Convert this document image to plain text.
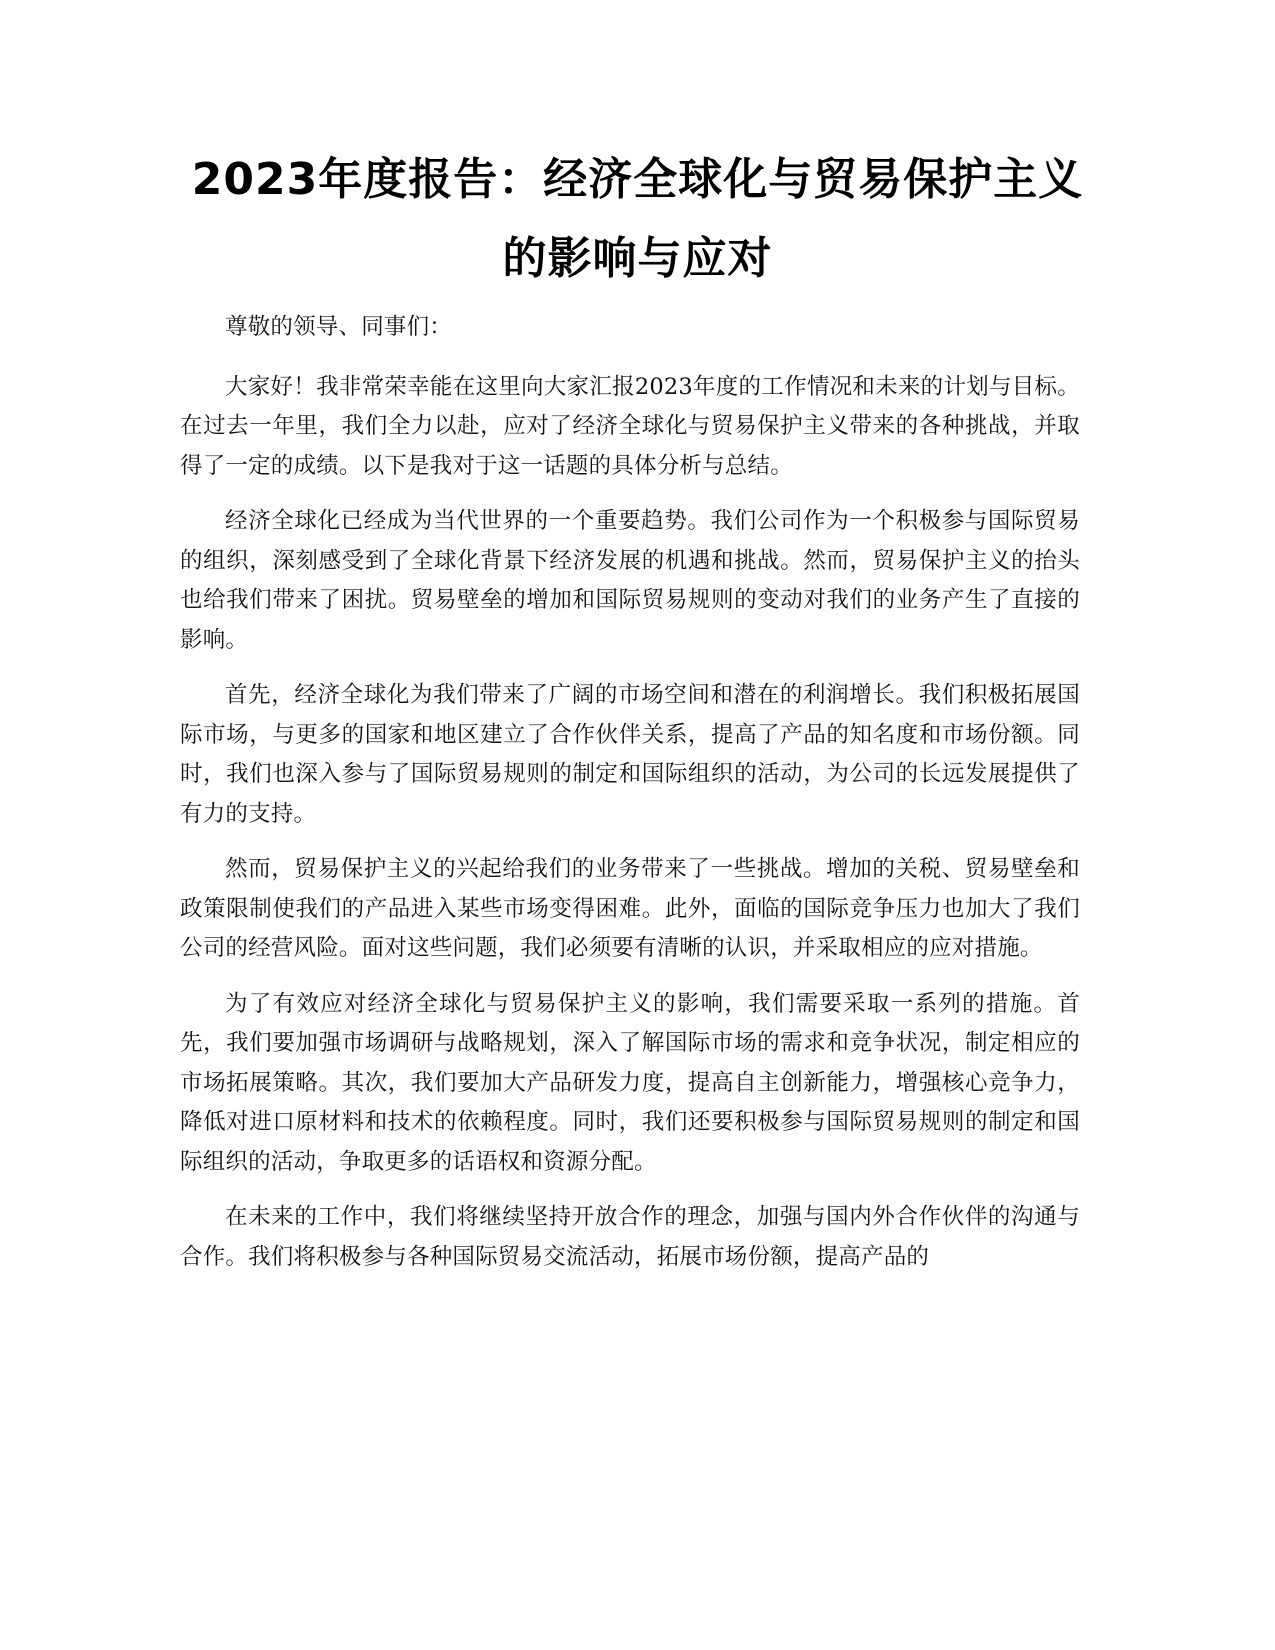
2023年度报告：经济全球化与贸易保护主义的影响与应对

尊敬的领导、同事们：

大家好！我非常荣幸能在这里向大家汇报2023年度的工作情况和未来的计划与目标。在过去一年里，我们全力以赴，应对了经济全球化与贸易保护主义带来的各种挑战，并取得了一定的成绩。以下是我对于这一话题的具体分析与总结。

经济全球化已经成为当代世界的一个重要趋势。我们公司作为一个积极参与国际贸易的组织，深刻感受到了全球化背景下经济发展的机遇和挑战。然而，贸易保护主义的抬头也给我们带来了困扰。贸易壁垒的增加和国际贸易规则的变动对我们的业务产生了直接的影响。

首先，经济全球化为我们带来了广阔的市场空间和潜在的利润增长。我们积极拓展国际市场，与更多的国家和地区建立了合作伙伴关系，提高了产品的知名度和市场份额。同时，我们也深入参与了国际贸易规则的制定和国际组织的活动，为公司的长远发展提供了有力的支持。

然而，贸易保护主义的兴起给我们的业务带来了一些挑战。增加的关税、贸易壁垒和政策限制使我们的产品进入某些市场变得困难。此外，面临的国际竞争压力也加大了我们公司的经营风险。面对这些问题，我们必须要有清晰的认识，并采取相应的应对措施。

为了有效应对经济全球化与贸易保护主义的影响，我们需要采取一系列的措施。首先，我们要加强市场调研与战略规划，深入了解国际市场的需求和竞争状况，制定相应的市场拓展策略。其次，我们要加大产品研发力度，提高自主创新能力，增强核心竞争力，降低对进口原材料和技术的依赖程度。同时，我们还要积极参与国际贸易规则的制定和国际组织的活动，争取更多的话语权和资源分配。

在未来的工作中，我们将继续坚持开放合作的理念，加强与国内外合作伙伴的沟通与合作。我们将积极参与各种国际贸易交流活动，拓展市场份额，提高产品的
